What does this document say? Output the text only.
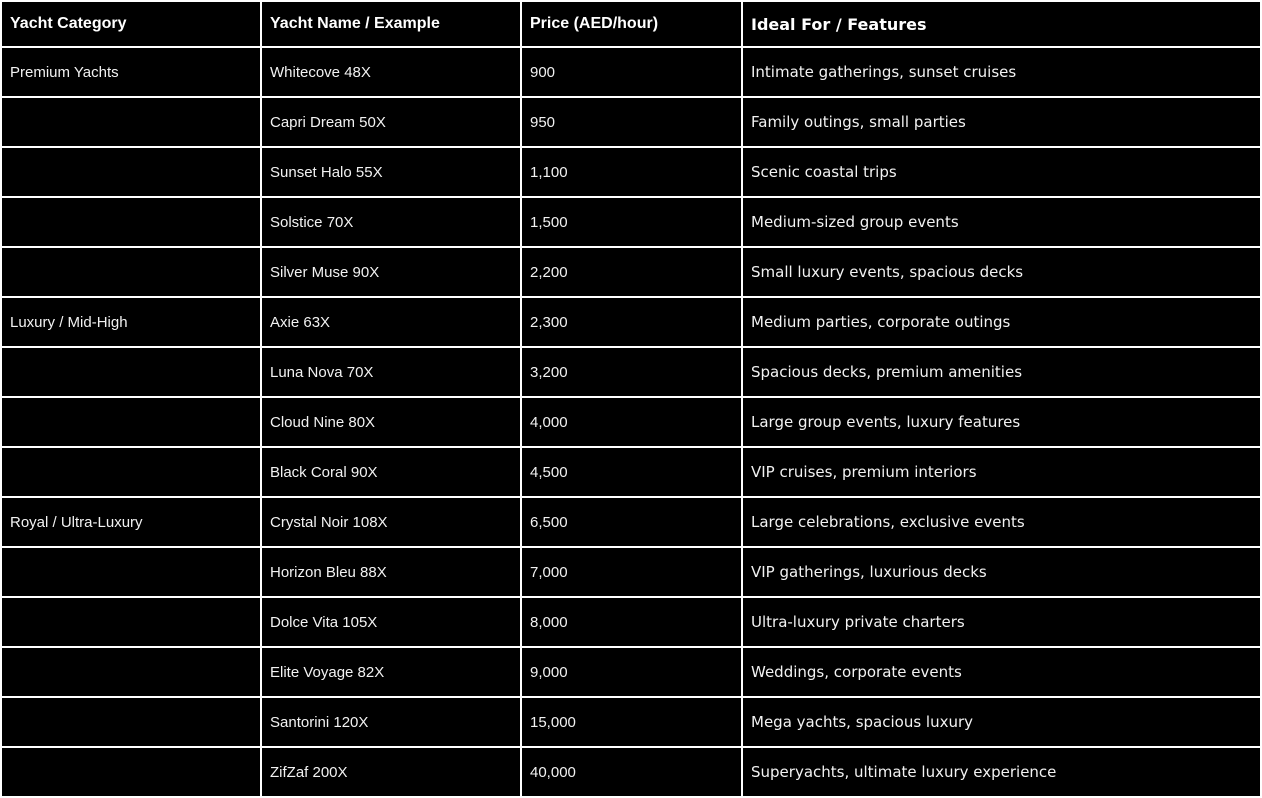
Yacht Category	Yacht Name / Example	Price (AED/hour)	Ideal For / Features
Premium Yachts	Whitecove 48X	900	Intimate gatherings, sunset cruises
	Capri Dream 50X	950	Family outings, small parties
	Sunset Halo 55X	1,100	Scenic coastal trips
	Solstice 70X	1,500	Medium-sized group events
	Silver Muse 90X	2,200	Small luxury events, spacious decks
Luxury / Mid-High	Axie 63X	2,300	Medium parties, corporate outings
	Luna Nova 70X	3,200	Spacious decks, premium amenities
	Cloud Nine 80X	4,000	Large group events, luxury features
	Black Coral 90X	4,500	VIP cruises, premium interiors
Royal / Ultra-Luxury	Crystal Noir 108X	6,500	Large celebrations, exclusive events
	Horizon Bleu 88X	7,000	VIP gatherings, luxurious decks
	Dolce Vita 105X	8,000	Ultra-luxury private charters
	Elite Voyage 82X	9,000	Weddings, corporate events
	Santorini 120X	15,000	Mega yachts, spacious luxury
	ZifZaf 200X	40,000	Superyachts, ultimate luxury experience
